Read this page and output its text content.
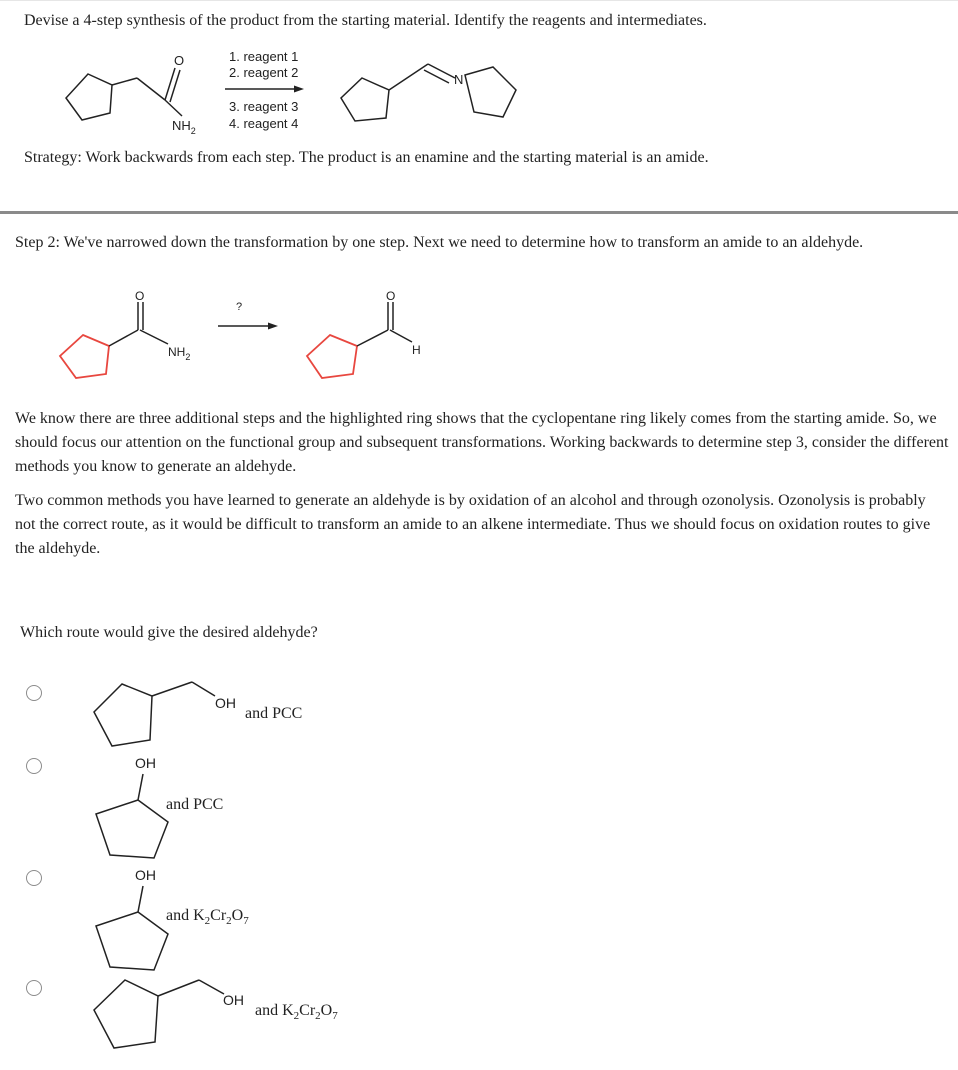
Devise a 4-step synthesis of the product from the starting material. Identify the reagents and intermediates.
O
$NH_2$
1. reagent 1
2. reagent 2
3. reagent 3
4. reagent 4
N
Strategy: Work backwards from each step. The product is an enamine and the starting material is an amide.
Step 2: We've narrowed down the transformation by one step. Next we need to determine how to transform an amide to an aldehyde.
O
$NH_2$
?
O
H
We know there are three additional steps and the highlighted ring shows that the cyclopentane ring likely comes from the starting amide. So, we should focus our attention on the functional group and subsequent transformations. Working backwards to determine step 3, consider the different methods you know to generate an aldehyde.
Two common methods you have learned to generate an aldehyde is by oxidation of an alcohol and through ozonolysis. Ozonolysis is probably not the correct route, as it would be difficult to transform an amide to an alkene intermediate. Thus we should focus on oxidation routes to give the aldehyde.
Which route would give the desired aldehyde?
OH
and PCC
OH
and PCC
OH
and $K_2Cr_2O_7$
OH
and $K_2Cr_2O_7$
